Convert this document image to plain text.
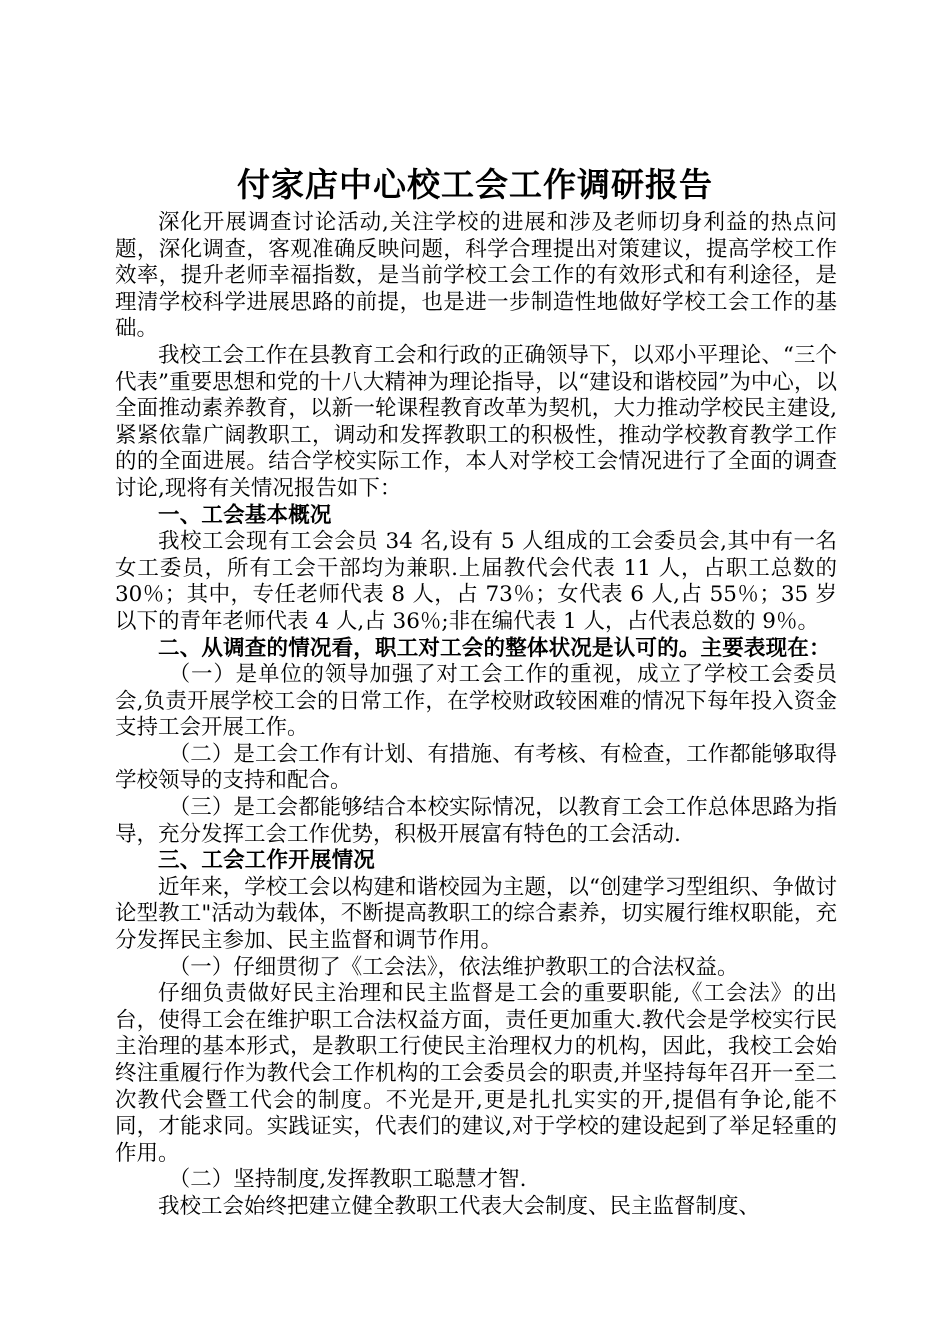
付家店中心校工会工作调研报告

深化开展调查讨论活动,关注学校的进展和涉及老师切身利益的热点问题，深化调查，客观准确反映问题，科学合理提出对策建议，提高学校工作效率，提升老师幸福指数，是当前学校工会工作的有效形式和有利途径，是理清学校科学进展思路的前提，也是进一步制造性地做好学校工会工作的基础。

我校工会工作在县教育工会和行政的正确领导下，以邓小平理论、“三个代表”重要思想和党的十八大精神为理论指导，以“建设和谐校园”为中心，以全面推动素养教育，以新一轮课程教育改革为契机，大力推动学校民主建设,紧紧依靠广阔教职工，调动和发挥教职工的积极性，推动学校教育教学工作的的全面进展。结合学校实际工作，本人对学校工会情况进行了全面的调查讨论,现将有关情况报告如下：

一、工会基本概况

我校工会现有工会会员 34 名,设有 5 人组成的工会委员会,其中有一名女工委员，所有工会干部均为兼职.上届教代会代表 11 人，占职工总数的 30％；其中，专任老师代表 8 人，占 73％；女代表 6 人,占 55％；35 岁以下的青年老师代表 4 人,占 36％;非在编代表 1 人，占代表总数的 9％。

二、从调查的情况看，职工对工会的整体状况是认可的。主要表现在：

（一）是单位的领导加强了对工会工作的重视，成立了学校工会委员会,负责开展学校工会的日常工作，在学校财政较困难的情况下每年投入资金支持工会开展工作。

（二）是工会工作有计划、有措施、有考核、有检查，工作都能够取得学校领导的支持和配合。

（三）是工会都能够结合本校实际情况，以教育工会工作总体思路为指导，充分发挥工会工作优势，积极开展富有特色的工会活动.

三、工会工作开展情况

近年来，学校工会以构建和谐校园为主题，以“创建学习型组织、争做讨论型教工"活动为载体，不断提高教职工的综合素养，切实履行维权职能，充分发挥民主参加、民主监督和调节作用。

（一）仔细贯彻了《工会法》，依法维护教职工的合法权益。

仔细负责做好民主治理和民主监督是工会的重要职能,《工会法》的出台，使得工会在维护职工合法权益方面，责任更加重大.教代会是学校实行民主治理的基本形式，是教职工行使民主治理权力的机构，因此，我校工会始终注重履行作为教代会工作机构的工会委员会的职责,并坚持每年召开一至二次教代会暨工代会的制度。不光是开,更是扎扎实实的开,提倡有争论,能不同，才能求同。实践证实，代表们的建议,对于学校的建设起到了举足轻重的作用。

（二）坚持制度,发挥教职工聪慧才智.

我校工会始终把建立健全教职工代表大会制度、民主监督制度、
